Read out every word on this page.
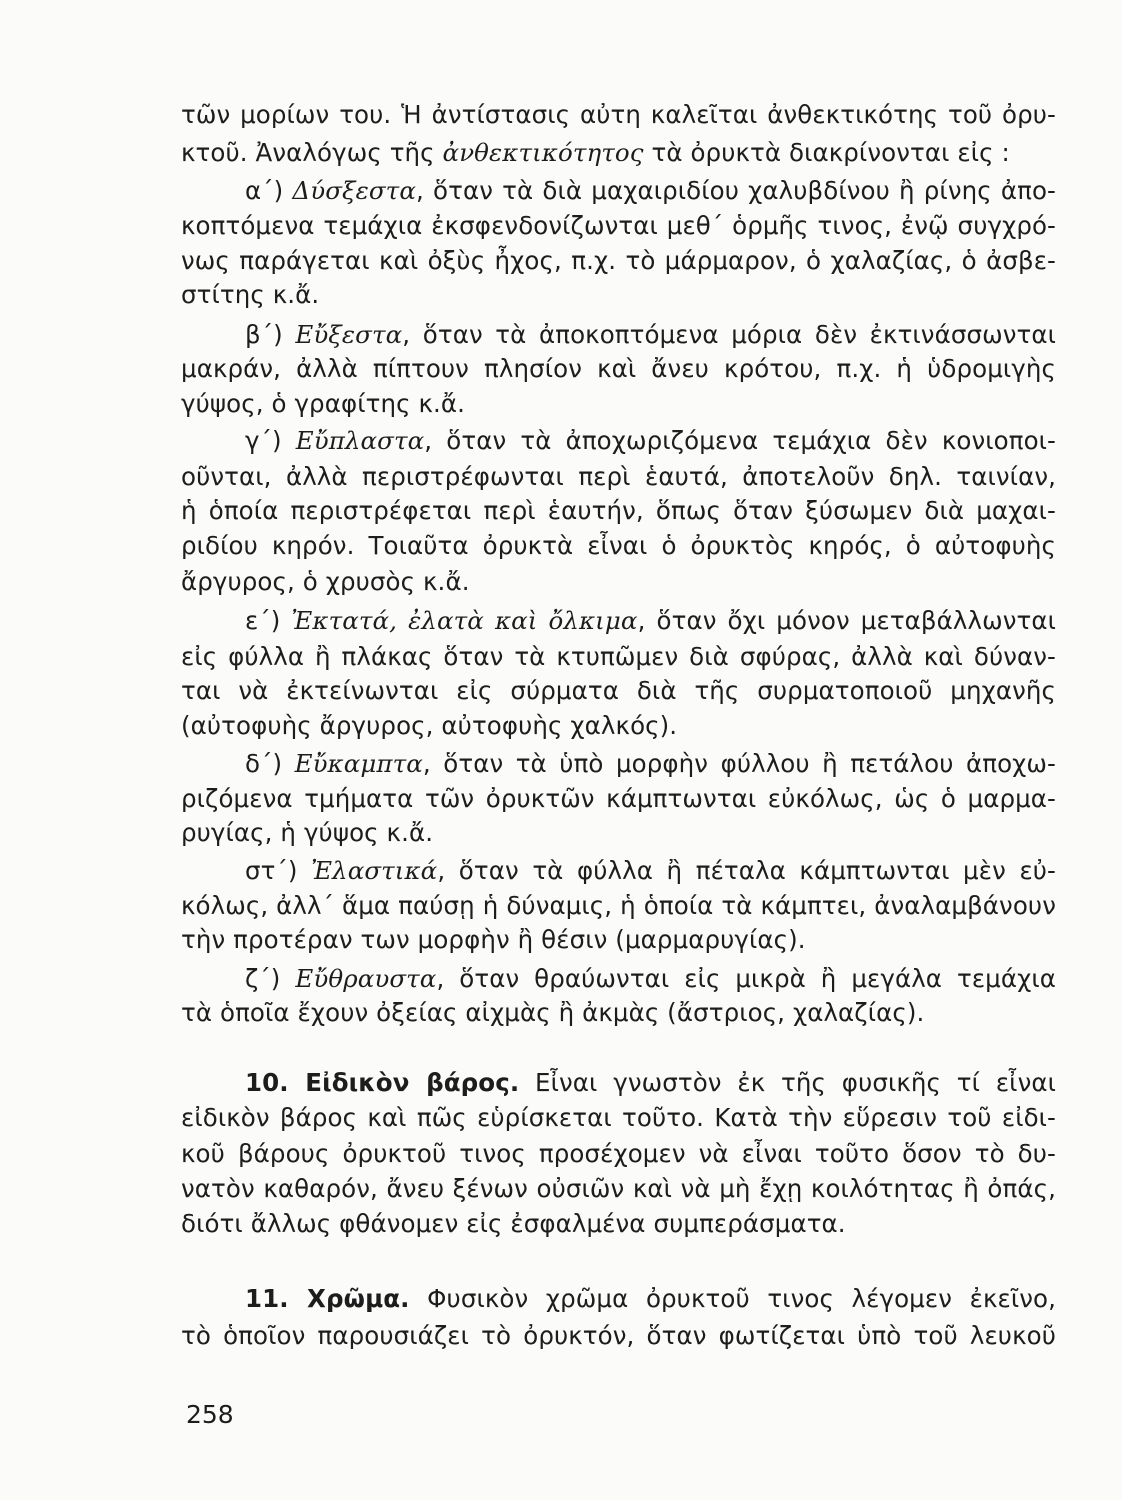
τῶν μορίων του. Ἡ ἀντίστασις αὐτη καλεῖται ἀνθεκτικότης τοῦ ὀρυ-
κτοῦ. Ἀναλόγως τῆς ἀνθεκτικότητος τὰ ὀρυκτὰ διακρίνονται εἰς :
α΄) Δύσξεστα, ὅταν τὰ διὰ μαχαιριδίου χαλυβδίνου ἢ ρίνης ἀπο-
κοπτόμενα τεμάχια ἐκσφενδονίζωνται μεθ΄ ὁρμῆς τινος, ἐνῷ συγχρό-
νως παράγεται καὶ ὀξὺς ἦχος, π.χ. τὸ μάρμαρον, ὁ χαλαζίας, ὁ ἀσβε-
στίτης κ.ἄ.
β΄) Εὔξεστα, ὅταν τὰ ἀποκοπτόμενα μόρια δὲν ἐκτινάσσωνται
μακράν, ἀλλὰ πίπτουν πλησίον καὶ ἄνευ κρότου, π.χ. ἡ ὑδρομιγὴς
γύψος, ὁ γραφίτης κ.ἄ.
γ΄) Εὔπλαστα, ὅταν τὰ ἀποχωριζόμενα τεμάχια δὲν κονιοποι-
οῦνται, ἀλλὰ περιστρέφωνται περὶ ἑαυτά, ἀποτελοῦν δηλ. ταινίαν,
ἡ ὁποία περιστρέφεται περὶ ἑαυτήν, ὅπως ὅταν ξύσωμεν διὰ μαχαι-
ριδίου κηρόν. Τοιαῦτα ὀρυκτὰ εἶναι ὁ ὀρυκτὸς κηρός, ὁ αὐτοφυὴς
ἄργυρος, ὁ χρυσὸς κ.ἄ.
ε΄) Ἐκτατά, ἐλατὰ καὶ ὄλκιμα, ὅταν ὄχι μόνον μεταβάλλωνται
εἰς φύλλα ἢ πλάκας ὅταν τὰ κτυπῶμεν διὰ σφύρας, ἀλλὰ καὶ δύναν-
ται νὰ ἐκτείνωνται εἰς σύρματα διὰ τῆς συρματοποιοῦ μηχανῆς
(αὐτοφυὴς ἄργυρος, αὐτοφυὴς χαλκός).
δ΄) Εὔκαμπτα, ὅταν τὰ ὑπὸ μορφὴν φύλλου ἢ πετάλου ἀποχω-
ριζόμενα τμήματα τῶν ὀρυκτῶν κάμπτωνται εὐκόλως, ὡς ὁ μαρμα-
ρυγίας, ἡ γύψος κ.ἄ.
στ΄) Ἐλαστικά, ὅταν τὰ φύλλα ἢ πέταλα κάμπτωνται μὲν εὐ-
κόλως, ἀλλ΄ ἅμα παύσῃ ἡ δύναμις, ἡ ὁποία τὰ κάμπτει, ἀναλαμβάνουν
τὴν προτέραν των μορφὴν ἢ θέσιν (μαρμαρυγίας).
ζ΄) Εὔθραυστα, ὅταν θραύωνται εἰς μικρὰ ἢ μεγάλα τεμάχια
τὰ ὁποῖα ἔχουν ὀξείας αἰχμὰς ἢ ἀκμὰς (ἄστριος, χαλαζίας).
10. Εἰδικὸν βάρος. Εἶναι γνωστὸν ἐκ τῆς φυσικῆς τί εἶναι
εἰδικὸν βάρος καὶ πῶς εὑρίσκεται τοῦτο. Κατὰ τὴν εὕρεσιν τοῦ εἰδι-
κοῦ βάρους ὀρυκτοῦ τινος προσέχομεν νὰ εἶναι τοῦτο ὅσον τὸ δυ-
νατὸν καθαρόν, ἄνευ ξένων οὐσιῶν καὶ νὰ μὴ ἔχῃ κοιλότητας ἢ ὀπάς,
διότι ἄλλως φθάνομεν εἰς ἐσφαλμένα συμπεράσματα.
11. Χρῶμα. Φυσικὸν χρῶμα ὀρυκτοῦ τινος λέγομεν ἐκεῖνο,
τὸ ὁποῖον παρουσιάζει τὸ ὀρυκτόν, ὅταν φωτίζεται ὑπὸ τοῦ λευκοῦ
258
